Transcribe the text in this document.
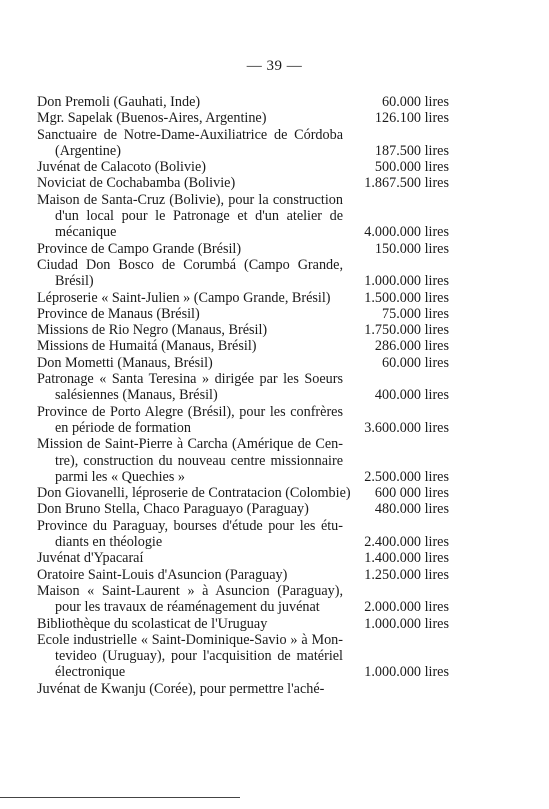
— 39 —
Don Premoli (Gauhati, Inde)	60.000 lires
Mgr. Sapelak (Buenos-Aires, Argentine)	126.100 lires
Sanctuaire de Notre-Dame-Auxiliatrice de Córdoba
(Argentine)	187.500 lires
Juvénat de Calacoto (Bolivie)	500.000 lires
Noviciat de Cochabamba (Bolivie)	1.867.500 lires
Maison de Santa-Cruz (Bolivie), pour la construction
d'un local pour le Patronage et d'un atelier de
mécanique	4.000.000 lires
Province de Campo Grande (Brésil)	150.000 lires
Ciudad Don Bosco de Corumbá (Campo Grande,
Brésil)	1.000.000 lires
Léproserie « Saint-Julien » (Campo Grande, Brésil)	1.500.000 lires
Province de Manaus (Brésil)	75.000 lires
Missions de Rio Negro (Manaus, Brésil)	1.750.000 lires
Missions de Humaitá (Manaus, Brésil)	286.000 lires
Don Mometti (Manaus, Brésil)	60.000 lires
Patronage « Santa Teresina » dirigée par les Soeurs
salésiennes (Manaus, Brésil)	400.000 lires
Province de Porto Alegre (Brésil), pour les confrères
en période de formation	3.600.000 lires
Mission de Saint-Pierre à Carcha (Amérique de Cen-
tre), construction du nouveau centre missionnaire
parmi les « Quechies »	2.500.000 lires
Don Giovanelli, léproserie de Contratacion (Colombie) 600 000 lires
Don Bruno Stella, Chaco Paraguayo (Paraguay)	480.000 lires
Province du Paraguay, bourses d'étude pour les étu-
diants en théologie	2.400.000 lires
Juvénat d'Ypacaraí	1.400.000 lires
Oratoire Saint-Louis d'Asuncion (Paraguay)	1.250.000 lires
Maison « Saint-Laurent » à Asuncion (Paraguay),
pour les travaux de réaménagement du juvénat	2.000.000 lires
Bibliothèque du scolasticat de l'Uruguay	1.000.000 lires
Ecole industrielle « Saint-Dominique-Savio » à Mon-
tevideo (Uruguay), pour l'acquisition de matériel
électronique	1.000.000 lires
Juvénat de Kwanju (Corée), pour permettre l'aché-
